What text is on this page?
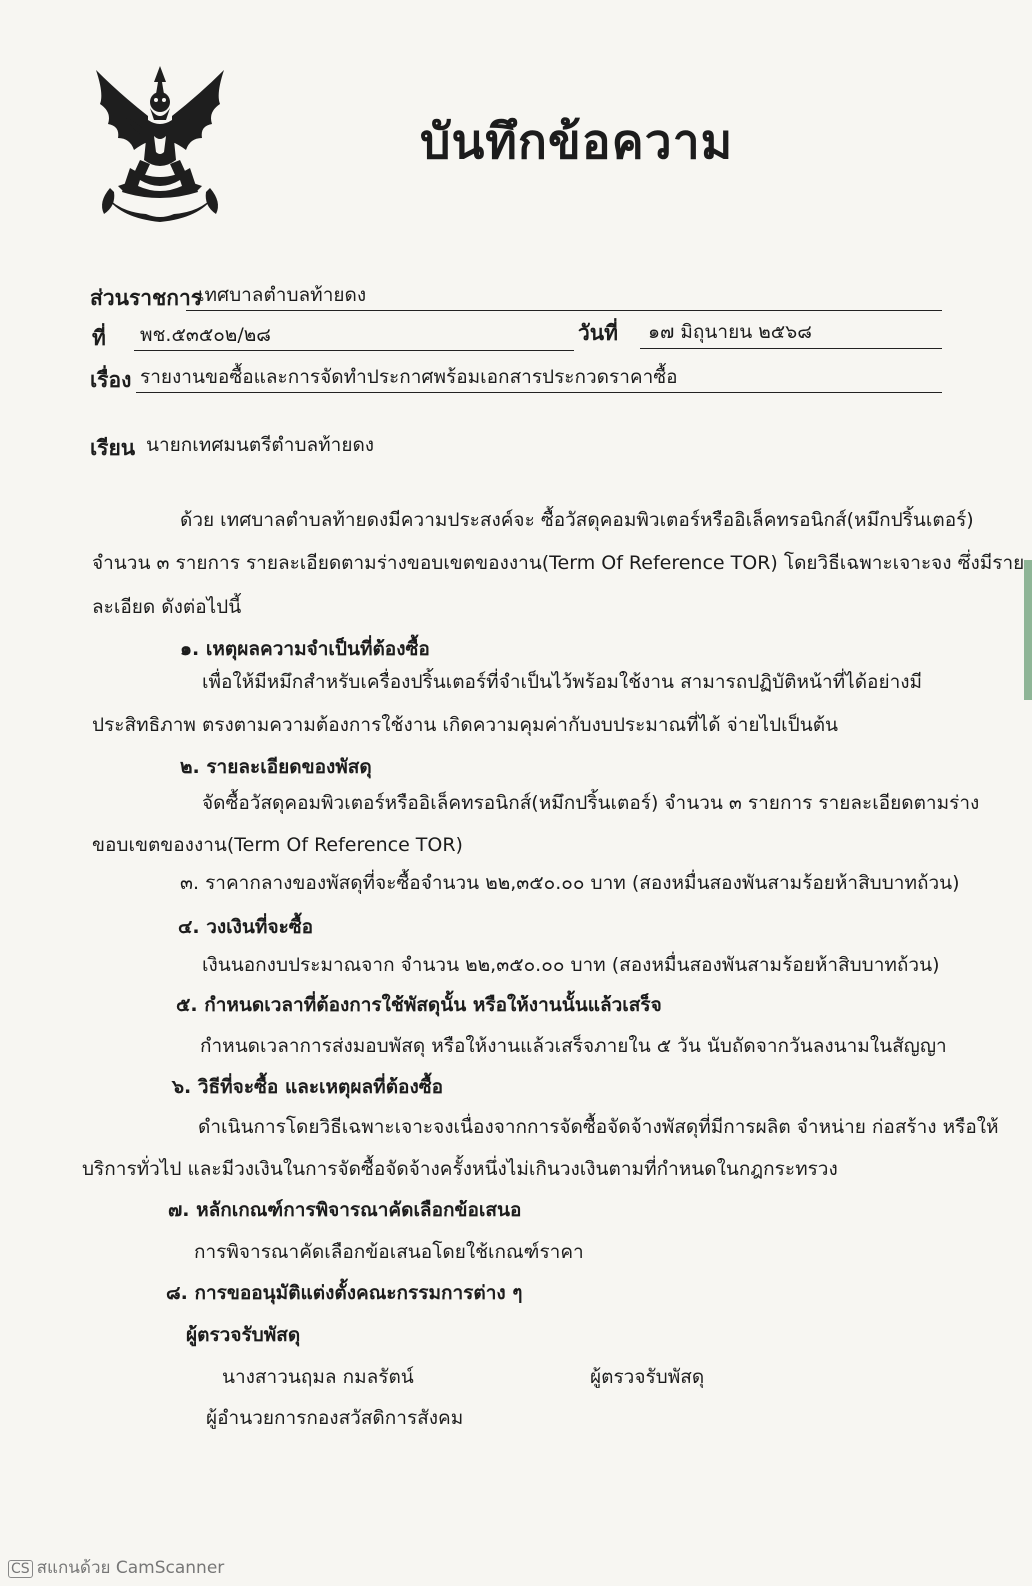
บันทึกข้อความ
ส่วนราชการ
เทศบาลตำบลท้ายดง
ที่ พช.๕๓๕๐๒/๒๘	วันที่ ๑๗ มิถุนายน ๒๕๖๘
เรื่อง รายงานขอซื้อและการจัดทำประกาศพร้อมเอกสารประกวดราคาซื้อ
เรียน นายกเทศมนตรีตำบลท้ายดง
ด้วย เทศบาลตำบลท้ายดงมีความประสงค์จะ ซื้อวัสดุคอมพิวเตอร์หรืออิเล็คทรอนิกส์(หมึกปริ้นเตอร์)
จำนวน ๓ รายการ รายละเอียดตามร่างขอบเขตของงาน(Term Of Reference TOR) โดยวิธีเฉพาะเจาะจง ซึ่งมีราย
ละเอียด ดังต่อไปนี้
๑. เหตุผลความจำเป็นที่ต้องซื้อ
เพื่อให้มีหมึกสำหรับเครื่องปริ้นเตอร์ที่จำเป็นไว้พร้อมใช้งาน สามารถปฏิบัติหน้าที่ได้อย่างมี
ประสิทธิภาพ ตรงตามความต้องการใช้งาน เกิดความคุมค่ากับงบประมาณที่ได้ จ่ายไปเป็นต้น
๒. รายละเอียดของพัสดุ
จัดซื้อวัสดุคอมพิวเตอร์หรืออิเล็คทรอนิกส์(หมึกปริ้นเตอร์) จำนวน ๓ รายการ รายละเอียดตามร่าง
ขอบเขตของงาน(Term Of Reference TOR)
๓. ราคากลางของพัสดุที่จะซื้อจำนวน ๒๒,๓๕๐.๐๐ บาท (สองหมื่นสองพันสามร้อยห้าสิบบาทถ้วน)
๔. วงเงินที่จะซื้อ
เงินนอกงบประมาณจาก จำนวน ๒๒,๓๕๐.๐๐ บาท (สองหมื่นสองพันสามร้อยห้าสิบบาทถ้วน)
๕. กำหนดเวลาที่ต้องการใช้พัสดุนั้น หรือให้งานนั้นแล้วเสร็จ
กำหนดเวลาการส่งมอบพัสดุ หรือให้งานแล้วเสร็จภายใน ๕ วัน นับถัดจากวันลงนามในสัญญา
๖. วิธีที่จะซื้อ และเหตุผลที่ต้องซื้อ
ดำเนินการโดยวิธีเฉพาะเจาะจงเนื่องจากการจัดซื้อจัดจ้างพัสดุที่มีการผลิต จำหน่าย ก่อสร้าง หรือให้
บริการทั่วไป และมีวงเงินในการจัดซื้อจัดจ้างครั้งหนึ่งไม่เกินวงเงินตามที่กำหนดในกฎกระทรวง
๗. หลักเกณฑ์การพิจารณาคัดเลือกข้อเสนอ
การพิจารณาคัดเลือกข้อเสนอโดยใช้เกณฑ์ราคา
๘. การขออนุมัติแต่งตั้งคณะกรรมการต่าง ๆ
ผู้ตรวจรับพัสดุ
นางสาวนฤมล กมลรัตน์	ผู้ตรวจรับพัสดุ
ผู้อำนวยการกองสวัสดิการสังคม
CS สแกนด้วย CamScanner
